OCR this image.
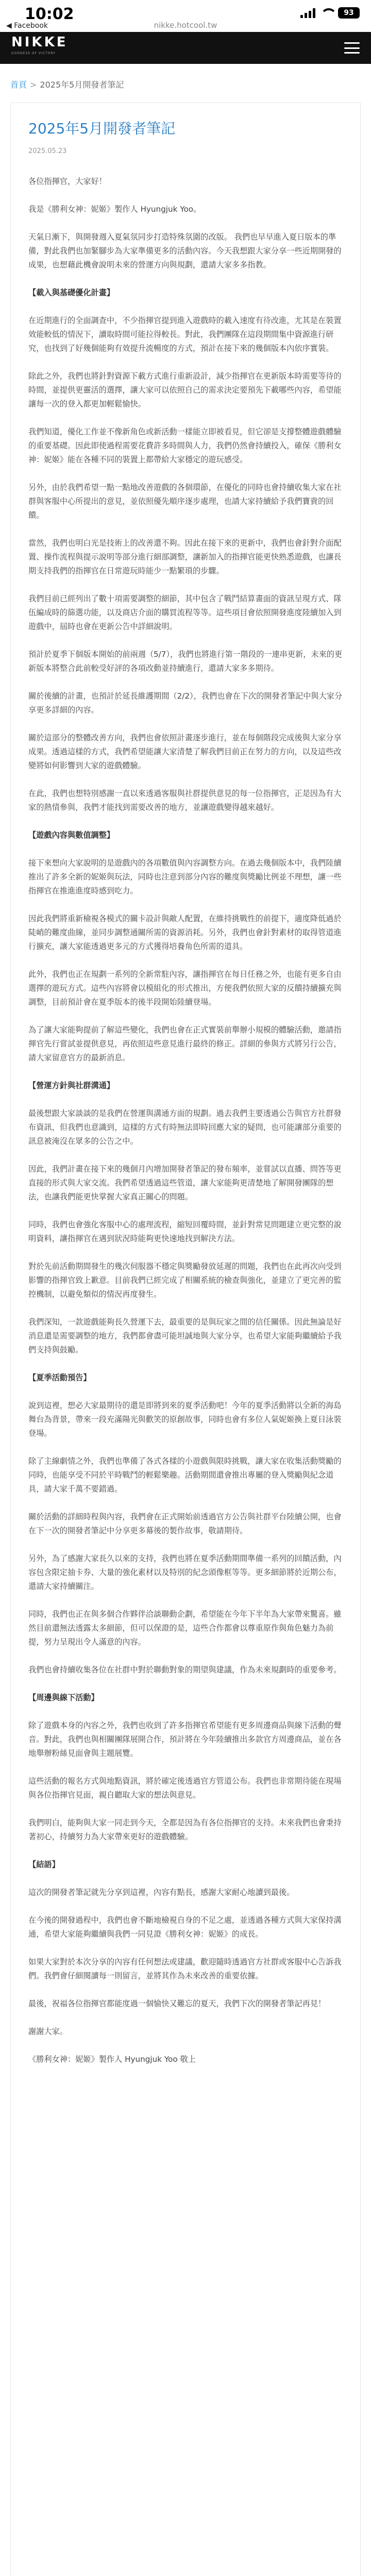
10:02
◀ Facebook	nikke.hotcool.tw
93
NIKKE
GODDESS OF VICTORY
首頁 > 2025年5月開發者筆記
2025年5月開發者筆記
2025.05.23

各位指揮官，大家好！

我是《勝利女神：妮姬》製作人 Hyungjuk Yoo。

天氣日漸下，與開發週入夏氣氛同步打造特殊氛圍的改版。 我們也早早進入夏日版本的準備，對此我們也加緊腳步為大家準備更多的活動內容。今天我想跟大家分享一些近期開發的成果，也想藉此機會說明未來的營運方向與規劃，還請大家多多指教。

【載入與基礎優化計畫】

在近期進行的全面調查中，不少指揮官提到進入遊戲時的載入速度有待改進，尤其是在裝置效能較低的情況下，讀取時間可能拉得較長。對此，我們團隊在這段期間集中資源進行研究，也找到了好幾個能夠有效提升流暢度的方式，預計在接下來的幾個版本內依序實裝。

除此之外，我們也將針對資源下載方式進行重新設計，減少指揮官在更新版本時需要等待的時間，並提供更靈活的選擇，讓大家可以依照自己的需求決定要預先下載哪些內容，希望能讓每一次的登入都更加輕鬆愉快。

我們知道，優化工作並不像新角色或新活動一樣能立即被看見，但它卻是支撐整體遊戲體驗的重要基礎。因此即使過程需要花費許多時間與人力，我們仍然會持續投入，確保《勝利女神：妮姬》能在各種不同的裝置上都帶給大家穩定的遊玩感受。

另外，由於我們希望一點一點地改善遊戲的各個環節，在優化的同時也會持續收集大家在社群與客服中心所提出的意見，並依照優先順序逐步處理，也請大家持續給予我們寶貴的回饋。

當然，我們也明白光是技術上的改善還不夠。因此在接下來的更新中，我們也會針對介面配置、操作流程與提示說明等部分進行細部調整，讓新加入的指揮官能更快熟悉遊戲，也讓長期支持我們的指揮官在日常遊玩時能少一點繁瑣的步驟。

我們目前已經列出了數十項需要調整的細節，其中包含了戰鬥結算畫面的資訊呈現方式、隊伍編成時的篩選功能，以及商店介面的購買流程等等。這些項目會依照開發進度陸續加入到遊戲中，屆時也會在更新公告中詳細說明。

預計於夏季下個版本開始的前兩週（5/7），我們也將進行第一階段的一連串更新，未來的更新版本將整合此前較受好評的各項改動並持續進行，還請大家多多期待。

關於後續的計畫，也預計於延長維護期間（2/2），我們也會在下次的開發者筆記中與大家分享更多詳細的內容。

關於這部分的整體改善方向，我們也會依照計畫逐步進行，並在每個階段完成後與大家分享成果。透過這樣的方式，我們希望能讓大家清楚了解我們目前正在努力的方向，以及這些改變將如何影響到大家的遊戲體驗。

在此，我們也想特別感謝一直以來透過客服與社群提供意見的每一位指揮官，正是因為有大家的熱情參與，我們才能找到需要改善的地方，並讓遊戲變得越來越好。

【遊戲內容與數值調整】

接下來想向大家說明的是遊戲內的各項數值與內容調整方向。在過去幾個版本中，我們陸續推出了許多全新的妮姬與玩法，同時也注意到部分內容的難度與獎勵比例並不理想，讓一些指揮官在推進進度時感到吃力。

因此我們將重新檢視各模式的關卡設計與敵人配置，在維持挑戰性的前提下，適度降低過於陡峭的難度曲線，並同步調整通關所需的資源消耗。另外，我們也會針對素材的取得管道進行擴充，讓大家能透過更多元的方式獲得培養角色所需的道具。

此外，我們也正在規劃一系列的全新常駐內容，讓指揮官在每日任務之外，也能有更多自由選擇的遊玩方式。這些內容將會以模組化的形式推出，方便我們依照大家的反饋持續擴充與調整，目前預計會在夏季版本的後半段開始陸續登場。

為了讓大家能夠提前了解這些變化，我們也會在正式實裝前舉辦小規模的體驗活動，邀請指揮官先行嘗試並提供意見，再依照這些意見進行最終的修正。詳細的參與方式將另行公告，請大家留意官方的最新消息。

【營運方針與社群溝通】

最後想跟大家談談的是我們在營運與溝通方面的規劃。過去我們主要透過公告與官方社群發布資訊，但我們也意識到，這樣的方式有時無法即時回應大家的疑問，也可能讓部分重要的訊息被淹沒在眾多的公告之中。

因此，我們計畫在接下來的幾個月內增加開發者筆記的發布頻率，並嘗試以直播、問答等更直接的形式與大家交流。我們希望透過這些管道，讓大家能夠更清楚地了解開發團隊的想法，也讓我們能更快掌握大家真正關心的問題。

同時，我們也會強化客服中心的處理流程，縮短回覆時間，並針對常見問題建立更完整的說明資料，讓指揮官在遇到狀況時能夠更快速地找到解決方法。

對於先前活動期間發生的幾次伺服器不穩定與獎勵發放延遲的問題，我們也在此再次向受到影響的指揮官致上歉意。目前我們已經完成了相關系統的檢查與強化，並建立了更完善的監控機制，以避免類似的情況再度發生。

我們深知，一款遊戲能夠長久營運下去，最重要的是與玩家之間的信任關係。因此無論是好消息還是需要調整的地方，我們都會盡可能坦誠地與大家分享，也希望大家能夠繼續給予我們支持與鼓勵。

【夏季活動預告】

說到這裡，想必大家最期待的還是即將到來的夏季活動吧！今年的夏季活動將以全新的海島舞台為背景，帶來一段充滿陽光與歡笑的原創故事，同時也會有多位人氣妮姬換上夏日泳裝登場。

除了主線劇情之外，我們也準備了各式各樣的小遊戲與限時挑戰，讓大家在收集活動獎勵的同時，也能享受不同於平時戰鬥的輕鬆樂趣。活動期間還會推出專屬的登入獎勵與紀念道具，請大家千萬不要錯過。

關於活動的詳細時程與內容，我們會在正式開始前透過官方公告與社群平台陸續公開，也會在下一次的開發者筆記中分享更多幕後的製作故事，敬請期待。

另外，為了感謝大家長久以來的支持，我們也將在夏季活動期間準備一系列的回饋活動，內容包含限定抽卡券、大量的強化素材以及特別的紀念頭像框等等。更多細節將於近期公布，還請大家持續關注。

同時，我們也正在與多個合作夥伴洽談聯動企劃，希望能在今年下半年為大家帶來驚喜。雖然目前還無法透露太多細節，但可以保證的是，這些合作都會以尊重原作與角色魅力為前提，努力呈現出令人滿意的內容。

我們也會持續收集各位在社群中對於聯動對象的期望與建議，作為未來規劃時的重要參考。

【周邊與線下活動】

除了遊戲本身的內容之外，我們也收到了許多指揮官希望能有更多周邊商品與線下活動的聲音。對此，我們也與相關團隊展開合作，預計將在今年陸續推出多款官方周邊商品，並在各地舉辦粉絲見面會與主題展覽。

這些活動的報名方式與地點資訊，將於確定後透過官方管道公布。我們也非常期待能在現場與各位指揮官見面，親自聽取大家的想法與意見。

我們明白，能夠與大家一同走到今天，全都是因為有各位指揮官的支持。未來我們也會秉持著初心，持續努力為大家帶來更好的遊戲體驗。

【結語】

這次的開發者筆記就先分享到這裡，內容有點長，感謝大家耐心地讀到最後。

在今後的開發過程中，我們也會不斷地檢視自身的不足之處，並透過各種方式與大家保持溝通，希望大家能夠繼續與我們一同見證《勝利女神：妮姬》的成長。

如果大家對於本次分享的內容有任何想法或建議，歡迎隨時透過官方社群或客服中心告訴我們。我們會仔細閱讀每一則留言，並將其作為未來改善的重要依據。

最後，祝福各位指揮官都能度過一個愉快又難忘的夏天，我們下次的開發者筆記再見！

謝謝大家。

《勝利女神：妮姬》製作人 Hyungjuk Yoo 敬上
